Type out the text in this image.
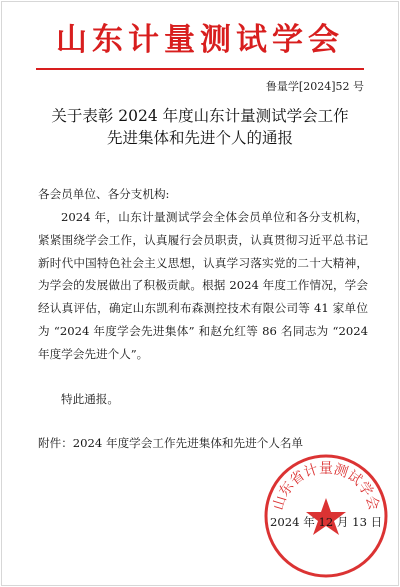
山东计量测试学会
鲁量学[2024]52 号
关于表彰 2024 年度山东计量测试学会工作
先进集体和先进个人的通报
各会员单位、各分支机构:
2024 年，山东计量测试学会全体会员单位和各分支机构，紧紧围绕学会工作，认真履行会员职责，认真贯彻习近平总书记新时代中国特色社会主义思想，认真学习落实党的二十大精神，为学会的发展做出了积极贡献。根据 2024 年度工作情况，学会经认真评估，确定山东凯利布森测控技术有限公司等 41 家单位为 “2024 年度学会先进集体” 和赵允红等 86 名同志为 “2024 年度学会先进个人”。
特此通报。
附件：2024 年度学会工作先进集体和先进个人名单
山东省计量测试学会
2024 年 12 月 13 日
